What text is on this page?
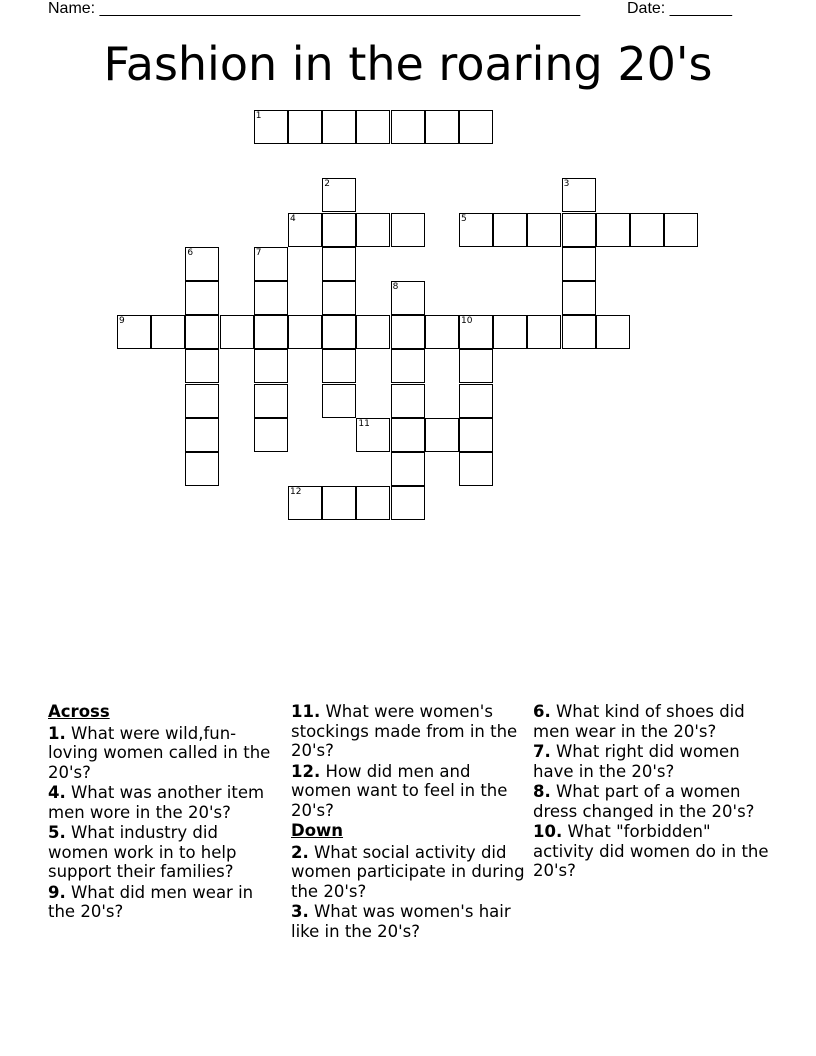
Name: ______________________________________________________	Date: _______
Fashion in the roaring 20's
1
2	3
4	5
6	7
8
9	10
11
12
Across
1. What were wild,fun-loving women called in the 20's?
4. What was another item men wore in the 20's?
5. What industry did women work in to help support their families?
9. What did men wear in the 20's?
11. What were women's stockings made from in the 20's?
12. How did men and women want to feel in the 20's?
Down
2. What social activity did women participate in during the 20's?
3. What was women's hair like in the 20's?
6. What kind of shoes did men wear in the 20's?
7. What right did women have in the 20's?
8. What part of a women dress changed in the 20's?
10. What "forbidden" activity did women do in the 20's?
